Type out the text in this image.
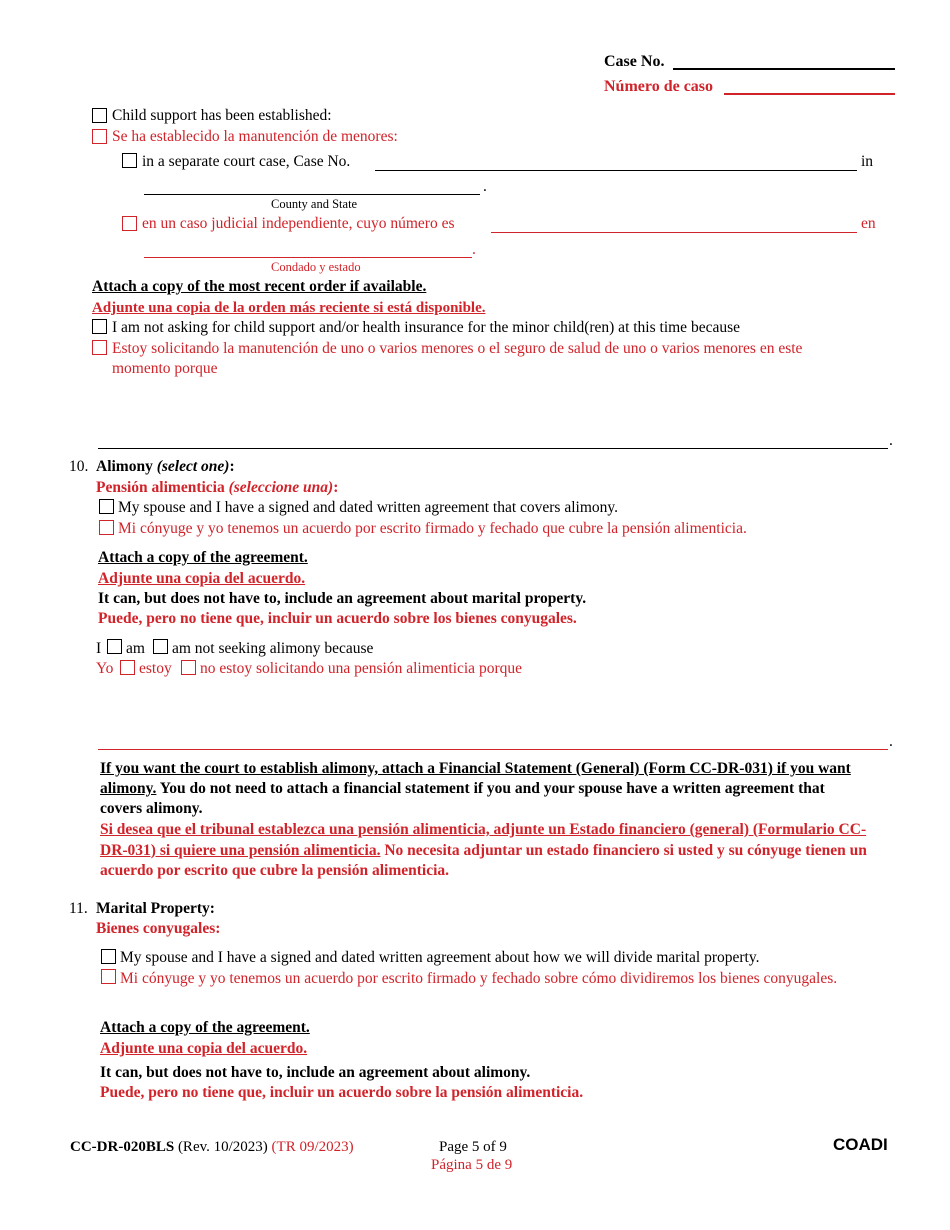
Case No.
Número de caso
Child support has been established:
Se ha establecido la manutención de menores:
in a separate court case, Case No.	in
.
County and State
en un caso judicial independiente, cuyo número es	en
.
Condado y estado
Attach a copy of the most recent order if available.
Adjunte una copia de la orden más reciente si está disponible.
I am not asking for child support and/or health insurance for the minor child(ren) at this time because
Estoy solicitando la manutención de uno o varios menores o el seguro de salud de uno o varios menores en este
momento porque
.
10. Alimony (select one):
Pensión alimenticia (seleccione una):
My spouse and I have a signed and dated written agreement that covers alimony.
Mi cónyuge y yo tenemos un acuerdo por escrito firmado y fechado que cubre la pensión alimenticia.
Attach a copy of the agreement.
Adjunte una copia del acuerdo.
It can, but does not have to, include an agreement about marital property.
Puede, pero no tiene que, incluir un acuerdo sobre los bienes conyugales.
I am am not seeking alimony because
Yo estoy no estoy solicitando una pensión alimenticia porque
.
If you want the court to establish alimony, attach a Financial Statement (General) (Form CC-DR-031) if you want alimony. You do not need to attach a financial statement if you and your spouse have a written agreement that covers alimony.
Si desea que el tribunal establezca una pensión alimenticia, adjunte un Estado financiero (general) (Formulario CC-DR-031) si quiere una pensión alimenticia. No necesita adjuntar un estado financiero si usted y su cónyuge tienen un acuerdo por escrito que cubre la pensión alimenticia.
11. Marital Property:
Bienes conyugales:
My spouse and I have a signed and dated written agreement about how we will divide marital property.
Mi cónyuge y yo tenemos un acuerdo por escrito firmado y fechado sobre cómo dividiremos los bienes conyugales.
Attach a copy of the agreement.
Adjunte una copia del acuerdo.
It can, but does not have to, include an agreement about alimony.
Puede, pero no tiene que, incluir un acuerdo sobre la pensión alimenticia.
CC-DR-020BLS (Rev. 10/2023) (TR 09/2023)	Page 5 of 9
Página 5 de 9
COADI
